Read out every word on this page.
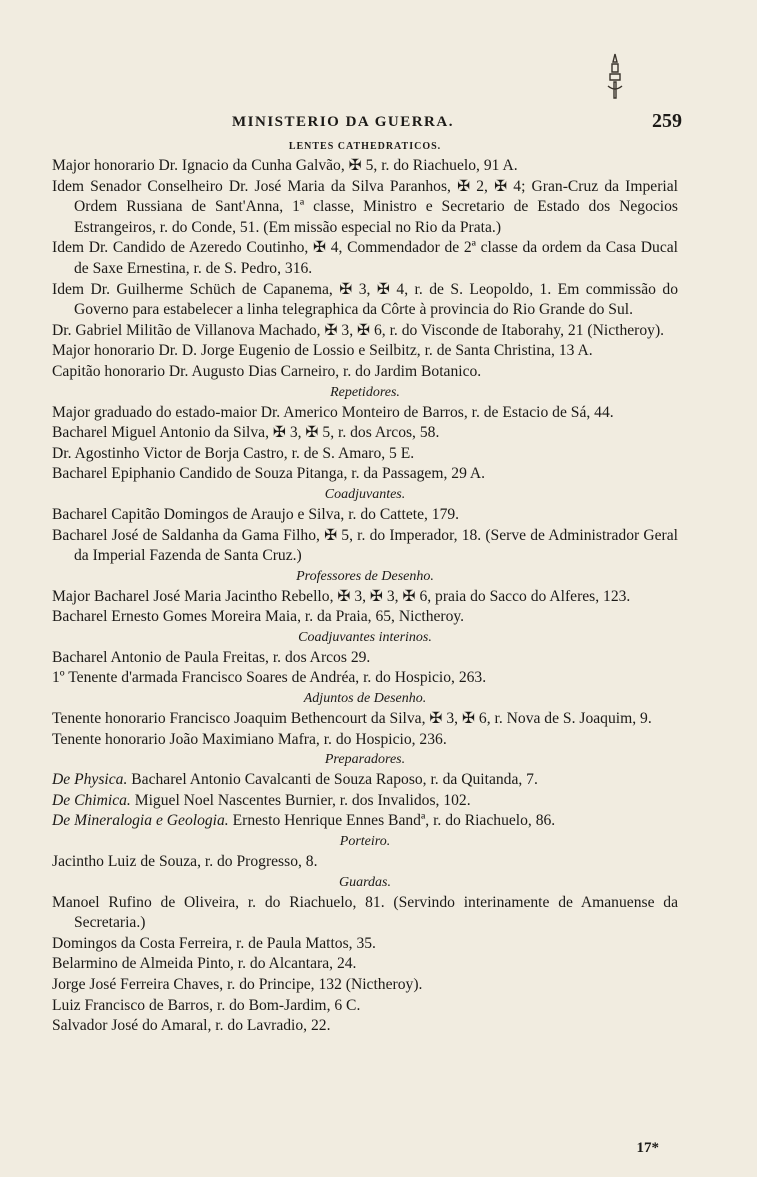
MINISTERIO DA GUERRA.	259

LENTES CATHEDRATICOS.

Major honorario Dr. Ignacio da Cunha Galvão, ✠ 5, r. do Riachuelo, 91 A.

Idem Senador Conselheiro Dr. José Maria da Silva Paranhos, ✠ 2, ✠ 4; Gran-Cruz da Imperial Ordem Russiana de Sant'Anna, 1ª classe, Ministro e Secretario de Estado dos Negocios Estrangeiros, r. do Conde, 51. (Em missão especial no Rio da Prata.)

Idem Dr. Candido de Azeredo Coutinho, ✠ 4, Commendador de 2ª classe da ordem da Casa Ducal de Saxe Ernestina, r. de S. Pedro, 316.

Idem Dr. Guilherme Schüch de Capanema, ✠ 3, ✠ 4, r. de S. Leopoldo, 1. Em commissão do Governo para estabelecer a linha telegraphica da Côrte à provincia do Rio Grande do Sul.

Dr. Gabriel Militão de Villanova Machado, ✠ 3, ✠ 6, r. do Visconde de Itaborahy, 21 (Nictheroy).

Major honorario Dr. D. Jorge Eugenio de Lossio e Seilbitz, r. de Santa Christina, 13 A.

Capitão honorario Dr. Augusto Dias Carneiro, r. do Jardim Botanico.

Repetidores.

Major graduado do estado-maior Dr. Americo Monteiro de Barros, r. de Estacio de Sá, 44.

Bacharel Miguel Antonio da Silva, ✠ 3, ✠ 5, r. dos Arcos, 58.

Dr. Agostinho Victor de Borja Castro, r. de S. Amaro, 5 E.

Bacharel Epiphanio Candido de Souza Pitanga, r. da Passagem, 29 A.

Coadjuvantes.

Bacharel Capitão Domingos de Araujo e Silva, r. do Cattete, 179.

Bacharel José de Saldanha da Gama Filho, ✠ 5, r. do Imperador, 18. (Serve de Administrador Geral da Imperial Fazenda de Santa Cruz.)

Professores de Desenho.

Major Bacharel José Maria Jacintho Rebello, ✠ 3, ✠ 3, ✠ 6, praia do Sacco do Alferes, 123.

Bacharel Ernesto Gomes Moreira Maia, r. da Praia, 65, Nictheroy.

Coadjuvantes interinos.

Bacharel Antonio de Paula Freitas, r. dos Arcos 29.

1º Tenente d'armada Francisco Soares de Andréa, r. do Hospicio, 263.

Adjuntos de Desenho.

Tenente honorario Francisco Joaquim Bethencourt da Silva, ✠ 3, ✠ 6, r. Nova de S. Joaquim, 9.

Tenente honorario João Maximiano Mafra, r. do Hospicio, 236.

Preparadores.

De Physica. Bacharel Antonio Cavalcanti de Souza Raposo, r. da Quitanda, 7.

De Chimica. Miguel Noel Nascentes Burnier, r. dos Invalidos, 102.

De Mineralogia e Geologia. Ernesto Henrique Ennes Bandª, r. do Riachuelo, 86.

Porteiro.

Jacintho Luiz de Souza, r. do Progresso, 8.

Guardas.

Manoel Rufino de Oliveira, r. do Riachuelo, 81. (Servindo interinamente de Amanuense da Secretaria.)

Domingos da Costa Ferreira, r. de Paula Mattos, 35.

Belarmino de Almeida Pinto, r. do Alcantara, 24.

Jorge José Ferreira Chaves, r. do Principe, 132 (Nictheroy).

Luiz Francisco de Barros, r. do Bom-Jardim, 6 C.

Salvador José do Amaral, r. do Lavradio, 22.

17*
